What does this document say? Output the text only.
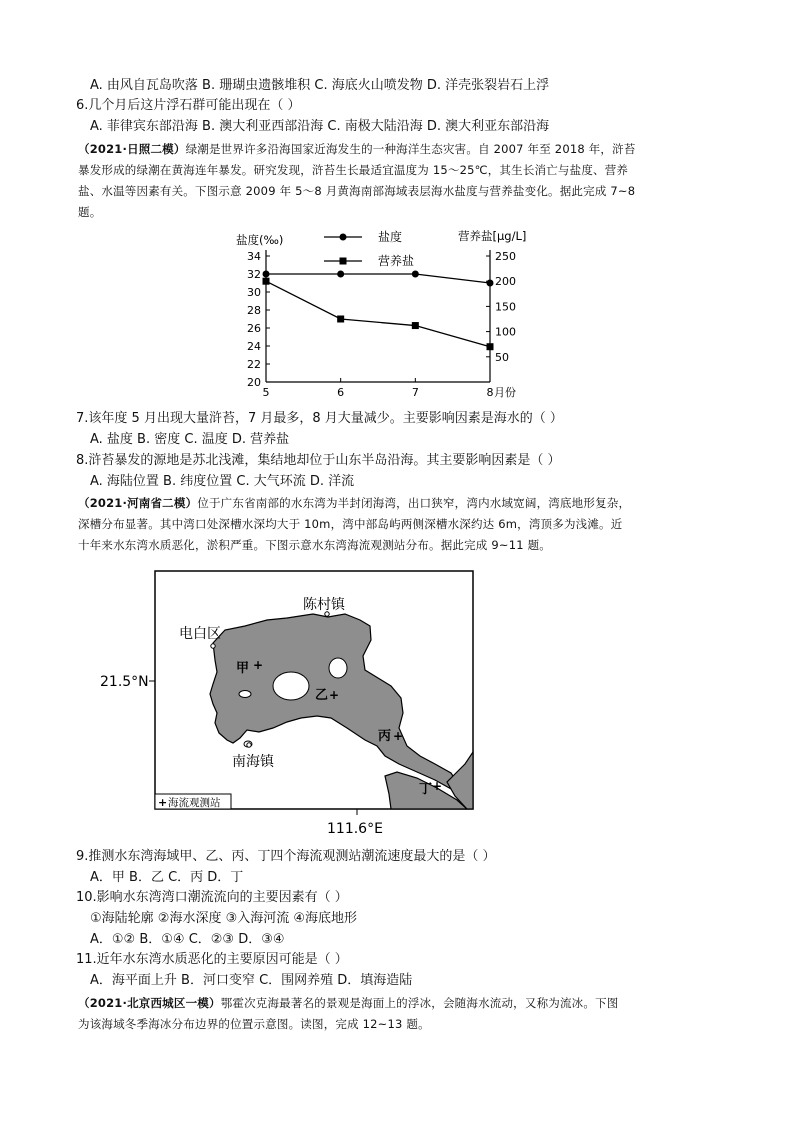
A. 由风自瓦岛吹落 B. 珊瑚虫遗骸堆积 C. 海底火山喷发物 D. 洋壳张裂岩石上浮
6.几个月后这片浮石群可能出现在（ ）
A. 菲律宾东部沿海 B. 澳大利亚西部沿海 C. 南极大陆沿海 D. 澳大利亚东部沿海
（2021·日照二模）绿潮是世界许多沿海国家近海发生的一种海洋生态灾害。自 2007 年至 2018 年，浒苔
暴发形成的绿潮在黄海连年暴发。研究发现，浒苔生长最适宜温度为 15～25℃，其生长消亡与盐度、营养
盐、水温等因素有关。下图示意 2009 年 5～8 月黄海南部海域表层海水盐度与营养盐变化。据此完成 7~8
题。
20
22
24
26
28
30
32
34
50
100
150
200
250
5	6	7	8 月份
盐度(‰)	营养盐[μg/L]
盐度
营养盐
7.该年度 5 月出现大量浒苔，7 月最多，8 月大量减少。主要影响因素是海水的（ ）
A. 盐度 B. 密度 C. 温度 D. 营养盐
8.浒苔暴发的源地是苏北浅滩，集结地却位于山东半岛沿海。其主要影响因素是（ ）
A. 海陆位置 B. 纬度位置 C. 大气环流 D. 洋流
（2021·河南省二模）位于广东省南部的水东湾为半封闭海湾，出口狭窄，湾内水域宽阔，湾底地形复杂，
深槽分布显著。其中湾口处深槽水深均大于 10m，湾中部岛屿两侧深槽水深约达 6m，湾顶多为浅滩。近
十年来水东湾水质恶化，淤积严重。下图示意水东湾海流观测站分布。据此完成 9~11 题。
陈村镇
电白区
南海镇
甲 +
乙 +
丙 +
丁 +
21.5°N
111.6°E
+ 海流观测站
9.推测水东湾海域甲、乙、丙、丁四个海流观测站潮流速度最大的是（ ）
A．甲 B．乙 C．丙 D．丁
10.影响水东湾湾口潮流流向的主要因素有（ ）
①海陆轮廓 ②海水深度 ③入海河流 ④海底地形
A．①② B．①④ C．②③ D．③④
11.近年水东湾水质恶化的主要原因可能是（ ）
A．海平面上升 B．河口变窄 C．围网养殖 D．填海造陆
（2021·北京西城区一模）鄂霍次克海最著名的景观是海面上的浮冰，会随海水流动，又称为流冰。下图
为该海域冬季海冰分布边界的位置示意图。读图，完成 12~13 题。
